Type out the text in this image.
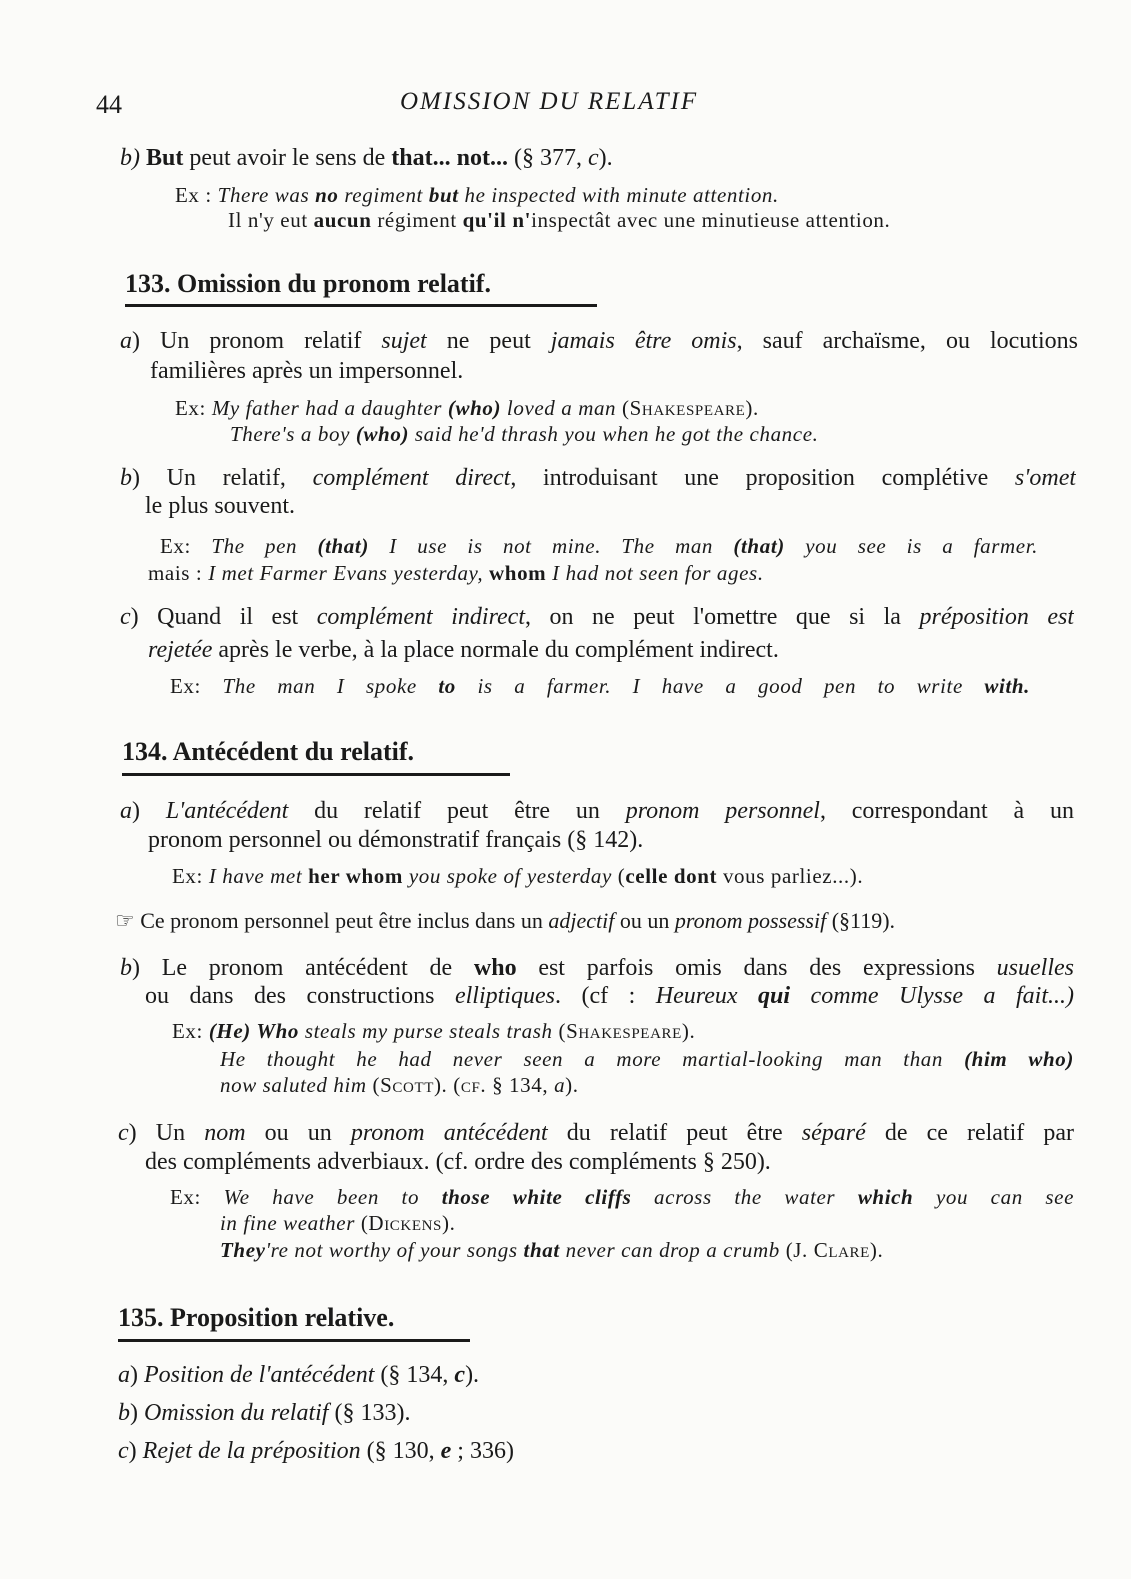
44	OMISSION DU RELATIF
b) But peut avoir le sens de that... not... (§ 377, c).
Ex : There was no regiment but he inspected with minute attention.
Il n'y eut aucun régiment qu'il n'inspectât avec une minutieuse attention.
133. Omission du pronom relatif.
a) Un pronom relatif sujet ne peut jamais être omis, sauf archaïsme, ou locutions
familières après un impersonnel.
Ex: My father had a daughter (who) loved a man (Shakespeare).
There's a boy (who) said he'd thrash you when he got the chance.
b) Un relatif, complément direct, introduisant une proposition complétive s'omet
le plus souvent.
Ex: The pen (that) I use is not mine. The man (that) you see is a farmer.
mais : I met Farmer Evans yesterday, whom I had not seen for ages.
c) Quand il est complément indirect, on ne peut l'omettre que si la préposition est
rejetée après le verbe, à la place normale du complément indirect.
Ex: The man I spoke to is a farmer. I have a good pen to write with.
134. Antécédent du relatif.
a) L'antécédent du relatif peut être un pronom personnel, correspondant à un
pronom personnel ou démonstratif français (§ 142).
Ex: I have met her whom you spoke of yesterday (celle dont vous parliez...).
☞ Ce pronom personnel peut être inclus dans un adjectif ou un pronom possessif (§119).
b) Le pronom antécédent de who est parfois omis dans des expressions usuelles
ou dans des constructions elliptiques. (cf : Heureux qui comme Ulysse a fait...)
Ex: (He) Who steals my purse steals trash (Shakespeare).
He thought he had never seen a more martial-looking man than (him who)
now saluted him (Scott). (cf. § 134, a).
c) Un nom ou un pronom antécédent du relatif peut être séparé de ce relatif par
des compléments adverbiaux. (cf. ordre des compléments § 250).
Ex: We have been to those white cliffs across the water which you can see
in fine weather (Dickens).
They're not worthy of your songs that never can drop a crumb (J. Clare).
135. Proposition relative.
a) Position de l'antécédent (§ 134, c).
b) Omission du relatif (§ 133).
c) Rejet de la préposition (§ 130, e ; 336)
